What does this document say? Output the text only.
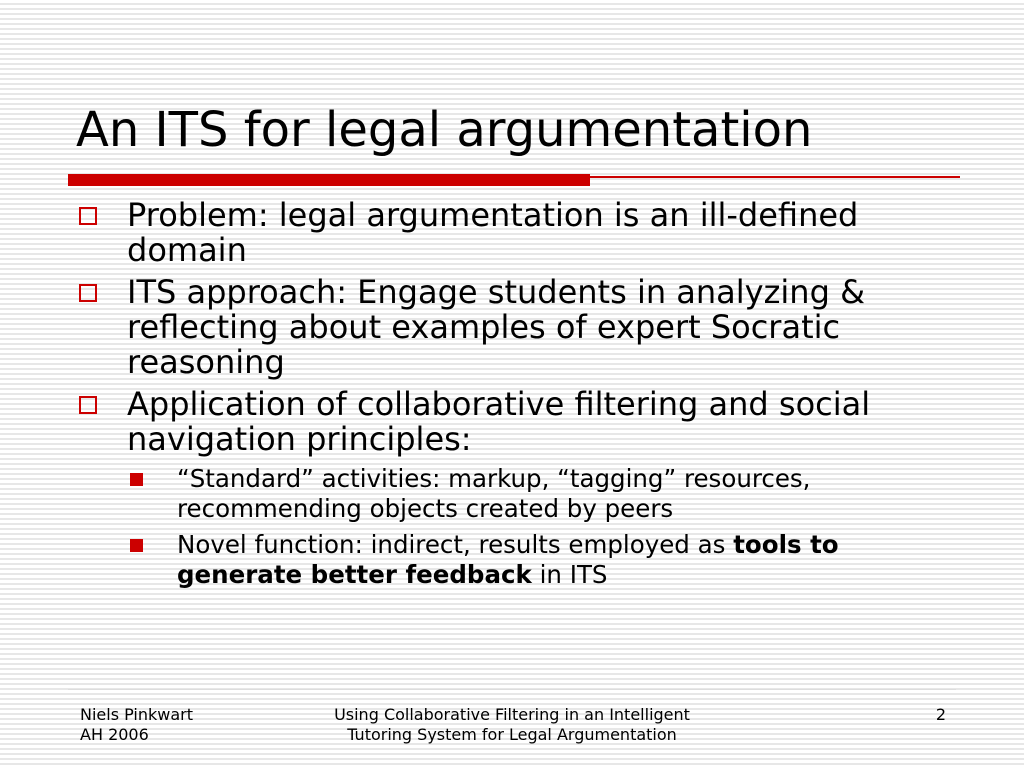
An ITS for legal argumentation
Problem: legal argumentation is an ill-defined domain
ITS approach: Engage students in analyzing & reflecting about examples of expert Socratic reasoning
Application of collaborative filtering and social navigation principles:
“Standard” activities: markup, “tagging” resources, recommending objects created by peers
Novel function: indirect, results employed as tools to generate better feedback in ITS
Niels Pinkwart
AH 2006
Using Collaborative Filtering in an Intelligent
Tutoring System for Legal Argumentation
2
